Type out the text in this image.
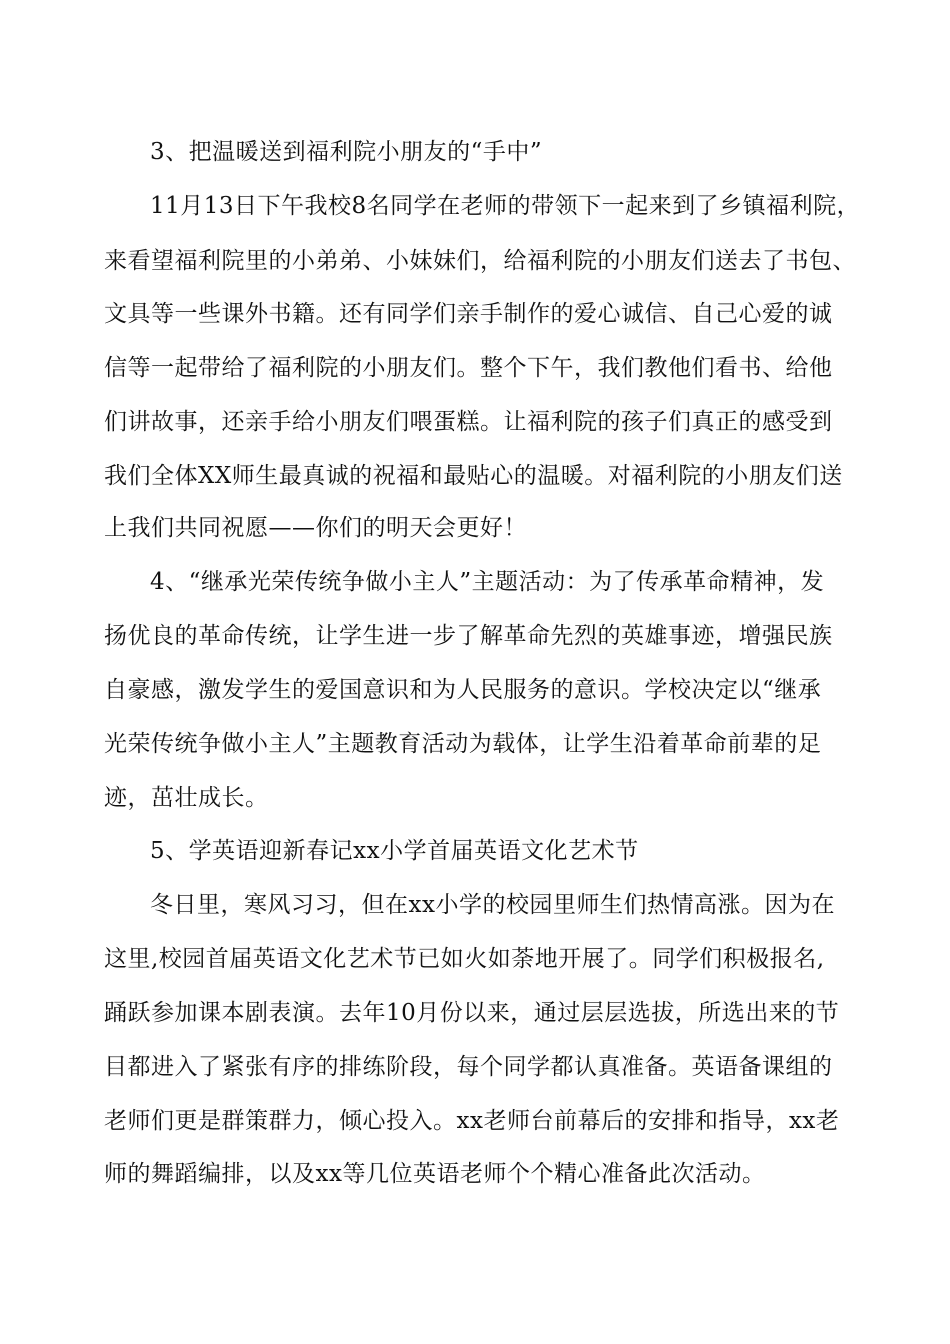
3、把温暖送到福利院小朋友的“手中”
11月13日下午我校8名同学在老师的带领下一起来到了乡镇福利院，
来看望福利院里的小弟弟、小妹妹们，给福利院的小朋友们送去了书包、
文具等一些课外书籍。还有同学们亲手制作的爱心诚信、自己心爱的诚
信等一起带给了福利院的小朋友们。整个下午，我们教他们看书、给他
们讲故事，还亲手给小朋友们喂蛋糕。让福利院的孩子们真正的感受到
我们全体XX师生最真诚的祝福和最贴心的温暖。对福利院的小朋友们送
上我们共同祝愿——你们的明天会更好！
4、“继承光荣传统争做小主人”主题活动：为了传承革命精神，发
扬优良的革命传统，让学生进一步了解革命先烈的英雄事迹，增强民族
自豪感，激发学生的爱国意识和为人民服务的意识。学校决定以“继承
光荣传统争做小主人”主题教育活动为载体，让学生沿着革命前辈的足
迹，茁壮成长。
5、学英语迎新春记xx小学首届英语文化艺术节
冬日里，寒风习习，但在xx小学的校园里师生们热情高涨。因为在
这里,校园首届英语文化艺术节已如火如荼地开展了。同学们积极报名,
踊跃参加课本剧表演。去年10月份以来，通过层层选拔，所选出来的节
目都进入了紧张有序的排练阶段，每个同学都认真准备。英语备课组的
老师们更是群策群力，倾心投入。xx老师台前幕后的安排和指导，xx老
师的舞蹈编排，以及xx等几位英语老师个个精心准备此次活动。
